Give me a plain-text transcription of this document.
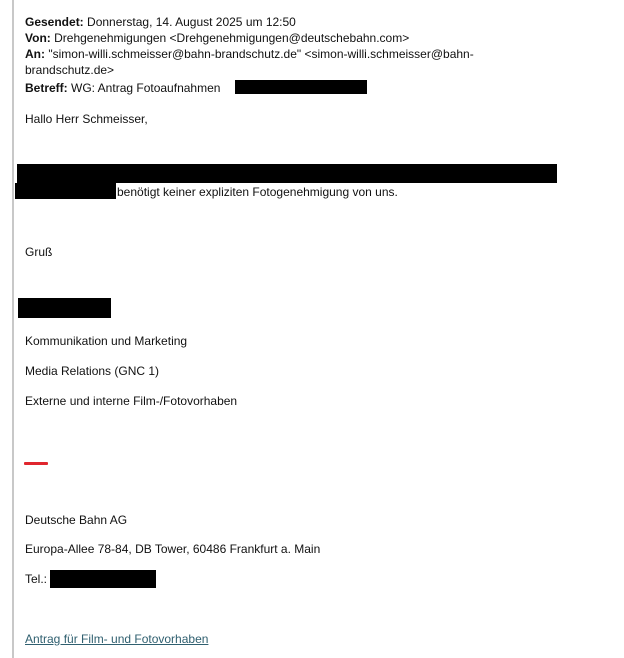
Gesendet: Donnerstag, 14. August 2025 um 12:50
Von: Drehgenehmigungen <Drehgenehmigungen@deutschebahn.com>
An: "simon-willi.schmeisser@bahn-brandschutz.de" <simon-willi.schmeisser@bahn-
brandschutz.de>
Betreff: WG: Antrag Fotoaufnahmen
Hallo Herr Schmeisser,
benötigt keiner expliziten Fotogenehmigung von uns.
Gruß
Kommunikation und Marketing
Media Relations (GNC 1)
Externe und interne Film-/Fotovorhaben
Deutsche Bahn AG
Europa-Allee 78-84, DB Tower, 60486 Frankfurt a. Main
Tel.:
Antrag für Film- und Fotovorhaben
